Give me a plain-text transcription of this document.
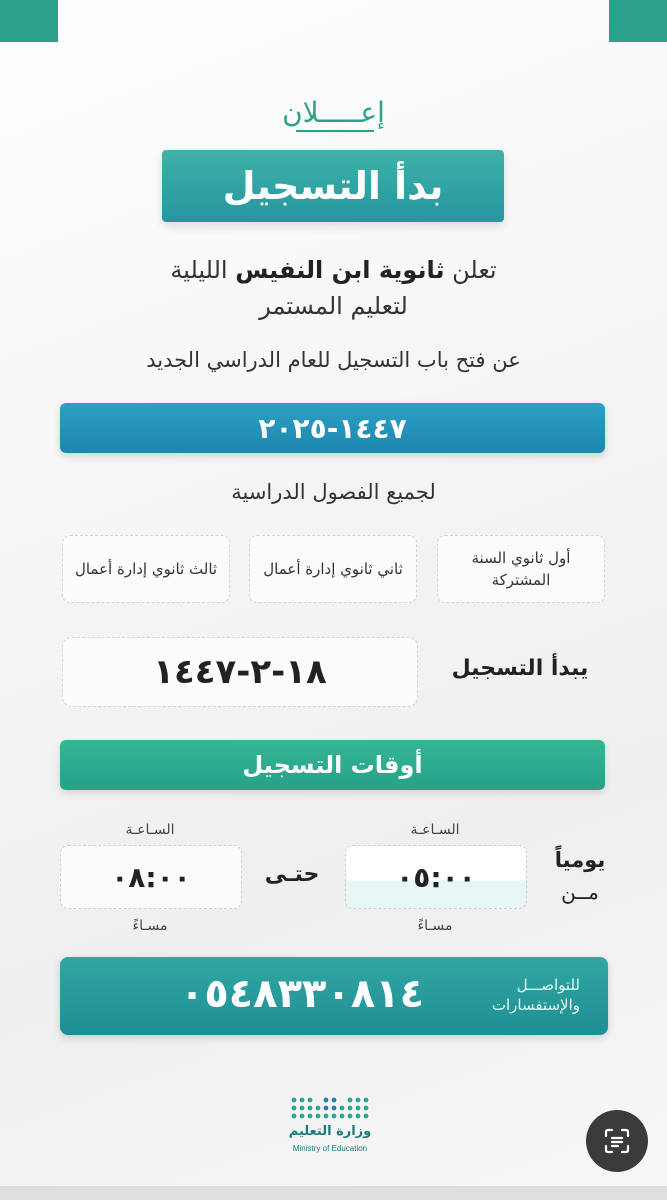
إعـــــلان
بدأ التسجيل
تعلن ثانوية ابن النفيس الليلية
لتعليم المستمر
عن فتح باب التسجيل للعام الدراسي الجديد
١٤٤٧-٢٠٢٥
لجميع الفصول الدراسية
أول ثانوي السنة المشتركة
ثاني ثانوي إدارة أعمال
ثالث ثانوي إدارة أعمال
يبدأ التسجيل
١٨-٢-١٤٤٧
أوقات التسجيل
يومياً
مــن
السـاعـة
السـاعـة
٠٥:٠٠
حتـى
٠٨:٠٠
مسـاءً
مسـاءً
للتواصـــل والإستفسارات
٠٥٤٨٣٣٠٨١٤
وزارة التعليم
Ministry of Education
